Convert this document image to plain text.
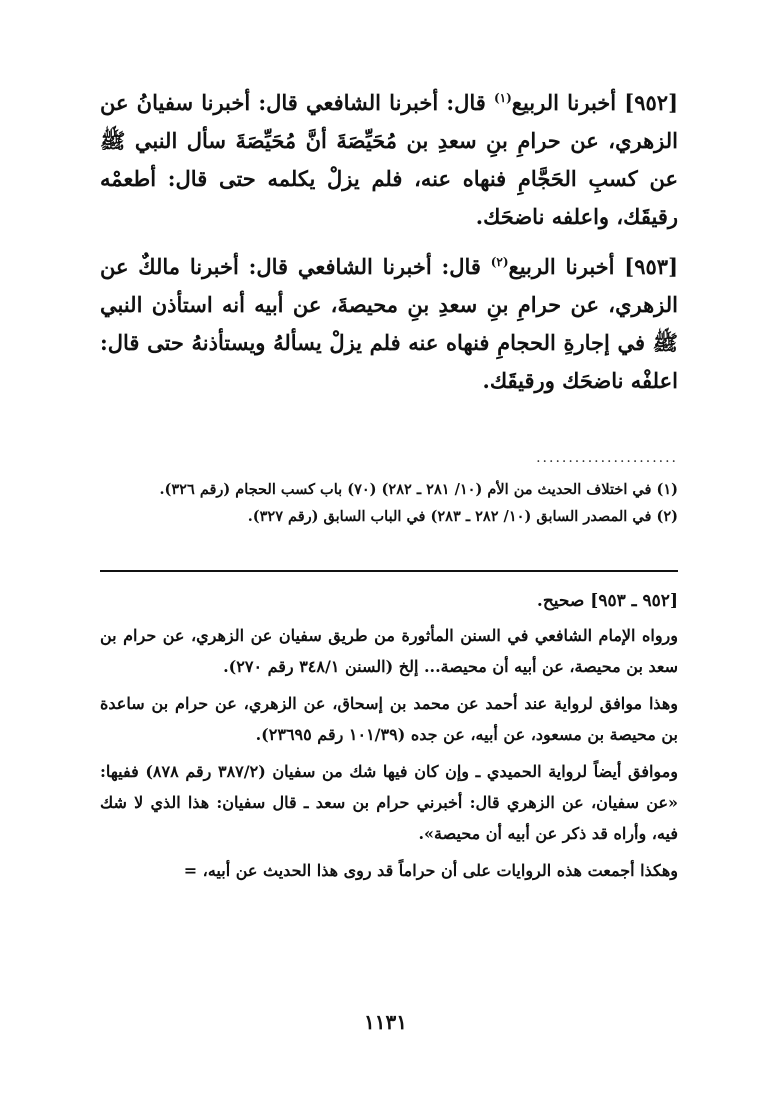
[٩٥٢] أخبرنا الربيع$^{(١)}$ قال: أخبرنا الشافعي قال: أخبرنا سفيانُ عن الزهري، عن حرامِ بنِ سعدِ بن مُحَيِّصَةَ أنَّ مُحَيِّصَةَ سأل النبي ﷺ عن كسبِ الحَجَّامِ فنهاه عنه، فلم يزلْ يكلمه حتى قال: أطعمْه رقيقَك، واعلفه ناضحَك.

[٩٥٣] أخبرنا الربيع$^{(٢)}$ قال: أخبرنا الشافعي قال: أخبرنا مالكٌ عن الزهري، عن حرامِ بنِ سعدِ بنِ محيصةَ، عن أبيه أنه استأذن النبي ﷺ في إجارةِ الحجامِ فنهاه عنه فلم يزلْ يسألهُ ويستأذنهُ حتى قال: اعلفْه ناضحَك ورقيقَك.

......................

(١) في اختلاف الحديث من الأم (١٠/ ٢٨١ ـ ٢٨٢) (٧٠) باب كسب الحجام (رقم ٣٢٦).

(٢) في المصدر السابق (١٠/ ٢٨٢ ـ ٢٨٣) في الباب السابق (رقم ٣٢٧).

[٩٥٢ ـ ٩٥٣] صحيح.

ورواه الإمام الشافعي في السنن المأثورة من طريق سفيان عن الزهري، عن حرام بن سعد بن محيصة، عن أبيه أن محيصة... إلخ (السنن ٣٤٨/١ رقم ٢٧٠).

وهذا موافق لرواية عند أحمد عن محمد بن إسحاق، عن الزهري، عن حرام بن ساعدة بن محيصة بن مسعود، عن أبيه، عن جده (١٠١/٣٩ رقم ٢٣٦٩٥).

وموافق أيضاً لرواية الحميدي ـ وإن كان فيها شك من سفيان (٣٨٧/٢ رقم ٨٧٨) ففيها: «عن سفيان، عن الزهري قال: أخبرني حرام بن سعد ـ قال سفيان: هذا الذي لا شك فيه، وأراه قد ذكر عن أبيه أن محيصة».

وهكذا أجمعت هذه الروايات على أن حراماً قد روى هذا الحديث عن أبيه، =

١١٣١
